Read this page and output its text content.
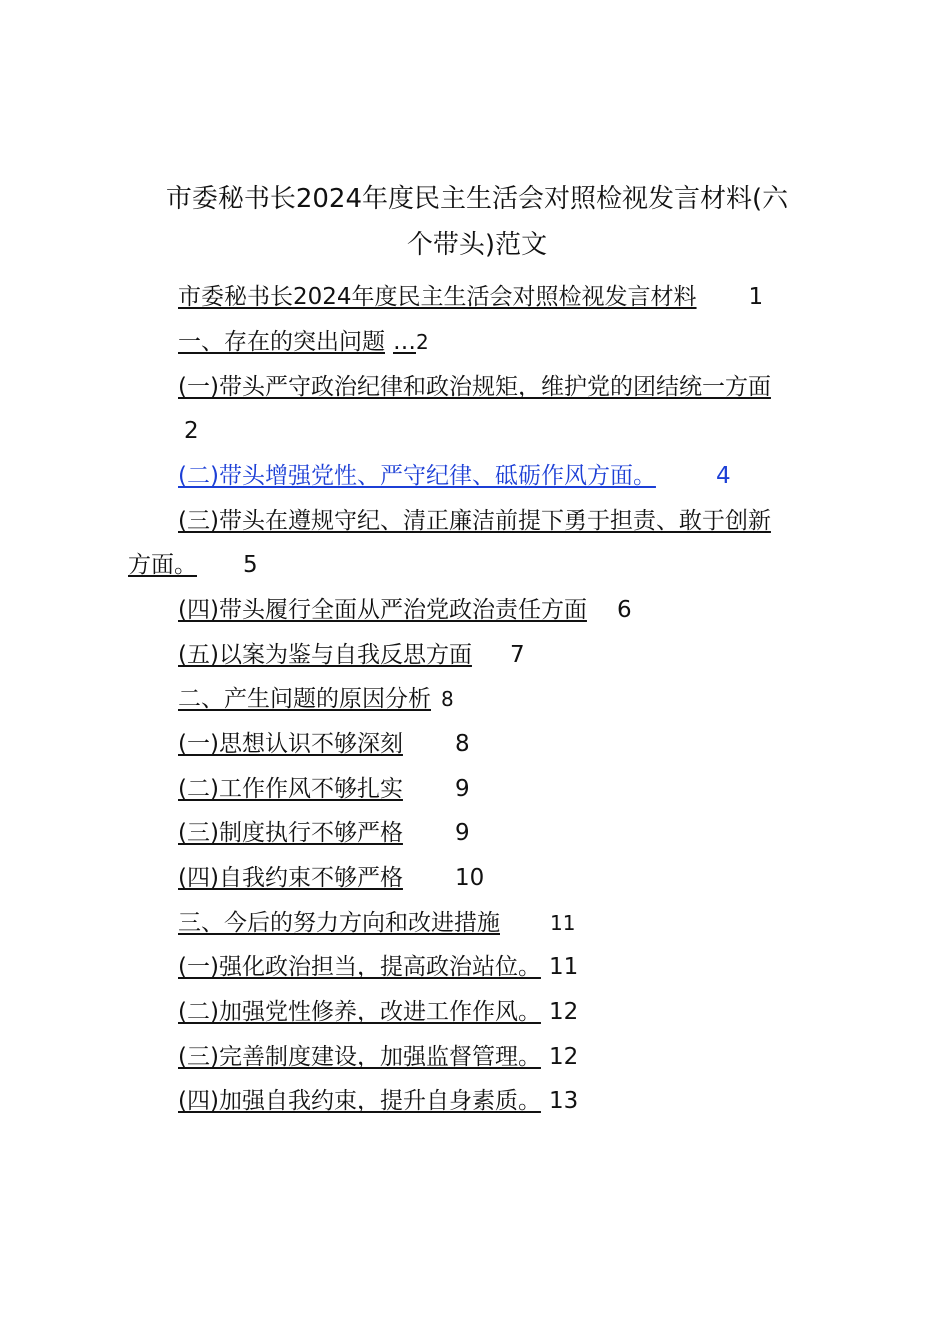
市委秘书长2024年度民主生活会对照检视发言材料(六
个带头)范文
市委秘书长2024年度民主生活会对照检视发言材料 1
一、存在的突出问题 …2
(一)带头严守政治纪律和政治规矩，维护党的团结统一方面
2
(二)带头增强党性、严守纪律、砥砺作风方面。	4
(三)带头在遵规守纪、清正廉洁前提下勇于担责、敢于创新
方面。 5
(四)带头履行全面从严治党政治责任方面 6
(五)以案为鉴与自我反思方面 7
二、产生问题的原因分析 8
(一)思想认识不够深刻 8
(二)工作作风不够扎实 9
(三)制度执行不够严格 9
(四)自我约束不够严格 10
三、今后的努力方向和改进措施	11
(一)强化政治担当，提高政治站位。 11
(二)加强党性修养，改进工作作风。 12
(三)完善制度建设，加强监督管理。 12
(四)加强自我约束，提升自身素质。 13
